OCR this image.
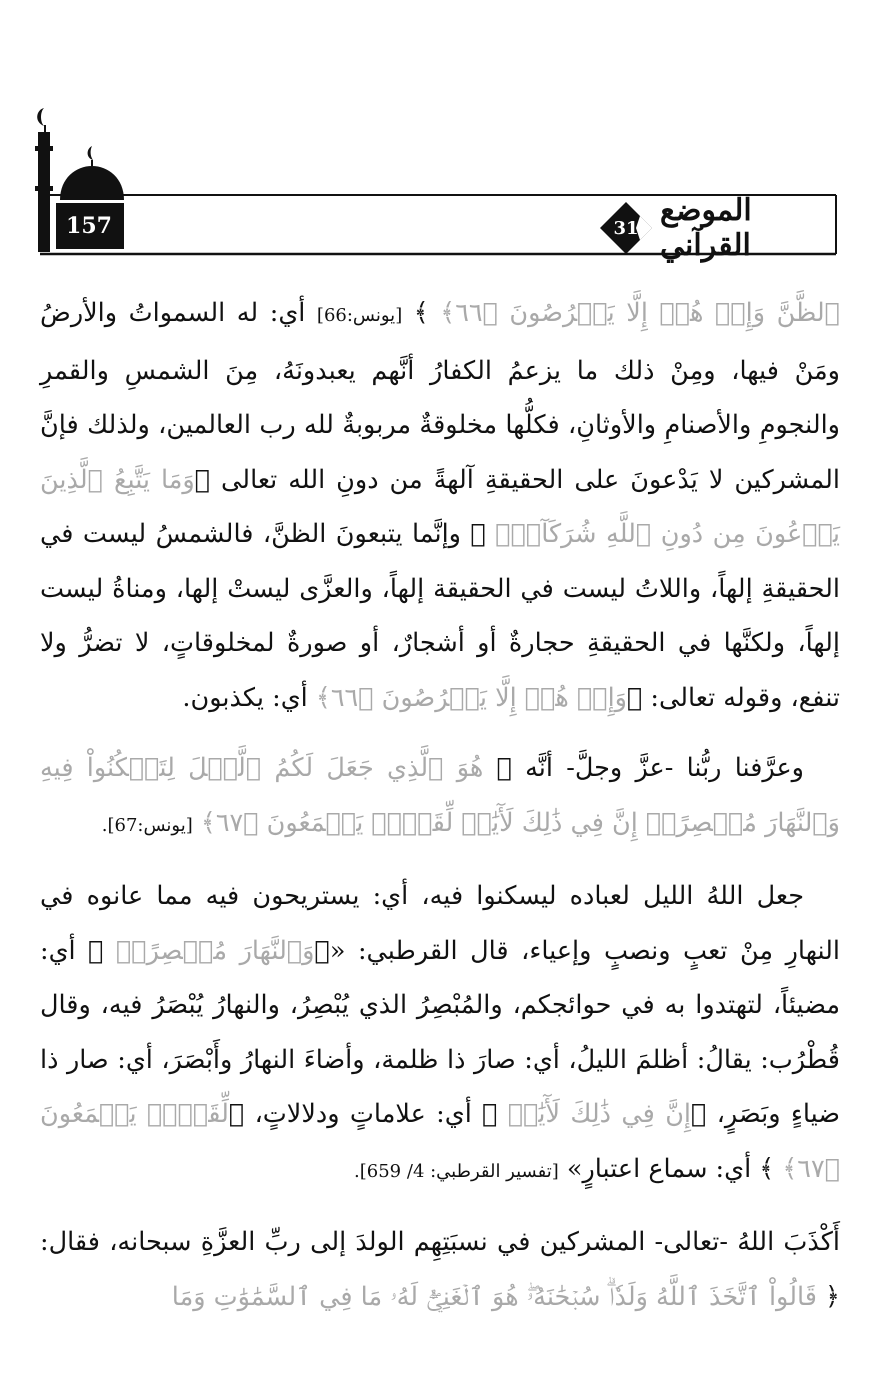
157	31 الموضع القرآني

ٱلظَّنَّ وَإِنۡ هُمۡ إِلَّا يَخۡرُصُونَ ﴿٦٦﴾ ﴾ [يونس:66] أي: له السمواتُ والأرضُ ومَنْ فيها، ومِنْ ذلك ما يزعمُ الكفارُ أنَّهم يعبدونَهُ، مِنَ الشمسِ والقمرِ والنجومِ والأصنامِ والأوثانِ، فكلُّها مخلوقةٌ مربوبةٌ لله رب العالمين، ولذلك فإنَّ المشركين لا يَدْعونَ على الحقيقةِ آلهةً من دونِ الله تعالى ﴿وَمَا يَتَّبِعُ ٱلَّذِينَ يَدۡعُونَ مِن دُونِ ٱللَّهِ شُرَكَآءَۚ ﴾ وإنَّما يتبعونَ الظنَّ، فالشمسُ ليست في الحقيقةِ إلهاً، واللاتُ ليست في الحقيقة إلهاً، والعزَّى ليستْ إلها، ومناةُ ليست إلهاً، ولكنَّها في الحقيقةِ حجارةٌ أو أشجارٌ، أو صورةٌ لمخلوقاتٍ، لا تضرُّ ولا تنفع، وقوله تعالى: ﴿وَإِنۡ هُمۡ إِلَّا يَخۡرُصُونَ ﴿٦٦﴾ أي: يكذبون.

وعرَّفنا ربُّنا -عزَّ وجلَّ- أنَّه ﴿ هُوَ ٱلَّذِي جَعَلَ لَكُمُ ٱلَّيۡلَ لِتَسۡكُنُواْ فِيهِ وَٱلنَّهَارَ مُبۡصِرًاۚ إِنَّ فِي ذَٰلِكَ لَأٓيَٰتٖ لِّقَوۡمٖ يَسۡمَعُونَ ﴿٦٧﴾ [يونس:67].

جعل اللهُ الليل لعباده ليسكنوا فيه، أي: يستريحون فيه مما عانوه في النهارِ مِنْ تعبٍ ونصبٍ وإعياء، قال القرطبي: «﴿وَٱلنَّهَارَ مُبۡصِرًاۚ ﴾ أي: مضيئاً، لتهتدوا به في حوائجكم، والمُبْصِرُ الذي يُبْصِرُ، والنهارُ يُبْصَرُ فيه، وقال قُطْرُب: يقالُ: أظلمَ الليلُ، أي: صارَ ذا ظلمة، وأضاءَ النهارُ وأَبْصَرَ، أي: صار ذا ضياءٍ وبَصَرٍ، ﴿إِنَّ فِي ذَٰلِكَ لَأٓيَٰتٖ ﴾ أي: علاماتٍ ودلالاتٍ، ﴿لِّقَوۡمٖ يَسۡمَعُونَ ﴿٦٧﴾ ﴾ أي: سماع اعتبارٍ» [تفسير القرطبي: 4/ 659].

أَكْذَبَ اللهُ -تعالى- المشركين في نسبَتِهِم الولدَ إلى ربِّ العزَّةِ سبحانه، فقال: ﴿ قَالُواْ ٱتَّخَذَ ٱللَّهُ وَلَدٗاۗ سُبۡحَٰنَهُۥۖ هُوَ ٱلۡغَنِيُّۖ لَهُۥ مَا فِي ٱلسَّمَٰوَٰتِ وَمَا
